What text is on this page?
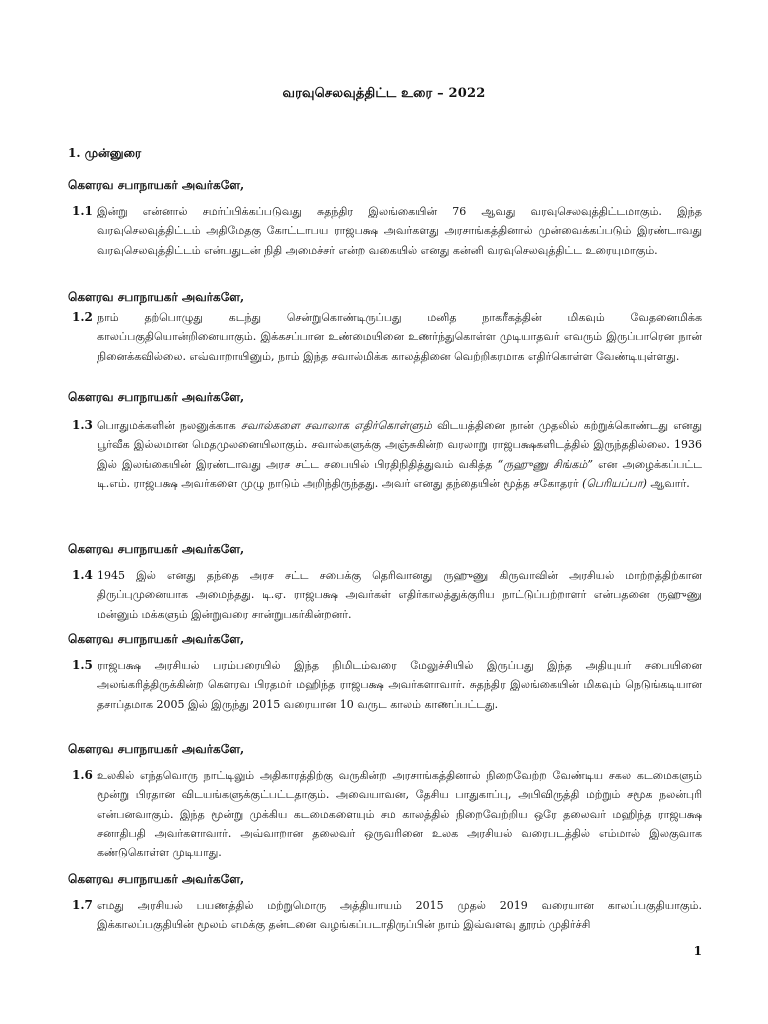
வரவுசெலவுத்திட்ட உரை – 2022
1. முன்னுரை
கௌரவ சபாநாயகர் அவர்களே,
1.1 இன்று என்னால் சமர்ப்பிக்கப்படுவது சுதந்திர இலங்கையின் 76 ஆவது வரவுசெலவுத்திட்டமாகும். இந்த வரவுசெலவுத்திட்டம் அதிமேதகு கோட்டாபய ராஜபக்ஷ அவர்களது அரசாங்கத்தினால் முன்வைக்கப்படும் இரண்டாவது வரவுசெலவுத்திட்டம் என்பதுடன் நிதி அமைச்சர் என்ற வகையில் எனது கன்னி வரவுசெலவுத்திட்ட உரையுமாகும்.
கௌரவ சபாநாயகர் அவர்களே,
1.2 நாம் தற்பொழுது கடந்து சென்றுகொண்டிருப்பது மனித நாகரீகத்தின் மிகவும் வேதனைமிக்க காலப்பகுதியொன்றினையாகும். இக்கசப்பான உண்மையினை உணர்ந்துகொள்ள முடியாதவர் எவரும் இருப்பாரென நான் நினைக்கவில்லை. எவ்வாறாயினும், நாம் இந்த சவால்மிக்க காலத்தினை வெற்றிகரமாக எதிர்கொள்ள வேண்டியுள்ளது.
கௌரவ சபாநாயகர் அவர்களே,
1.3 பொதுமக்களின் நலனுக்காக சவால்களை சவாலாக எதிர்கொள்ளும் விடயத்தினை நான் முதலில் கற்றுக்கொண்டது எனது பூர்வீக இல்லமான மெதமுலனையிலாகும். சவால்களுக்கு அஞ்சுகின்ற வரலாறு ராஜபக்ஷகளிடத்தில் இருந்ததில்லை. 1936 இல் இலங்கையின் இரண்டாவது அரச சட்ட சபையில் பிரதிநிதித்துவம் வகித்த “ருஹுணு சிங்கம்” என அழைக்கப்பட்ட டி.எம். ராஜபக்ஷ அவர்களை முழு நாடும் அறிந்திருந்தது. அவர் எனது தந்தையின் மூத்த சகோதரர் (பெரியப்பா) ஆவார்.
கௌரவ சபாநாயகர் அவர்களே,
1.4 1945 இல் எனது தந்தை அரச சட்ட சபைக்கு தெரிவானது ருஹுணு கிருவாவின் அரசியல் மாற்றத்திற்கான திருப்புமுனையாக அமைந்தது. டி.ஏ. ராஜபக்ஷ அவர்கள் எதிர்காலத்துக்குரிய நாட்டுப்பற்றாளர் என்பதனை ருஹுணு மன்னும் மக்களும் இன்றுவரை சான்றுபகர்கின்றனர்.
கௌரவ சபாநாயகர் அவர்களே,
1.5 ராஜபக்ஷ அரசியல் பரம்பரையில் இந்த நிமிடம்வரை மேலுச்சியில் இருப்பது இந்த அதியுயர் சபையினை அலங்கரித்திருக்கின்ற கௌரவ பிரதமர் மஹிந்த ராஜபக்ஷ அவர்களாவார். சுதந்திர இலங்கையின் மிகவும் நெடுங்கடியான தசாப்தமாக 2005 இல் இருந்து 2015 வரையான 10 வருட காலம் காணப்பட்டது.
கௌரவ சபாநாயகர் அவர்களே,
1.6 உலகில் எந்தவொரு நாட்டிலும் அதிகாரத்திற்கு வருகின்ற அரசாங்கத்தினால் நிறைவேற்ற வேண்டிய சகல கடமைகளும் மூன்று பிரதான விடயங்களுக்குட்பட்டதாகும். அவையாவன, தேசிய பாதுகாப்பு, அபிவிருத்தி மற்றும் சமூக நலன்புரி என்பனவாகும். இந்த மூன்று முக்கிய கடமைகளையும் சம காலத்தில் நிறைவேற்றிய ஒரே தலைவர் மஹிந்த ராஜபக்ஷ சனாதிபதி அவர்களாவார். அவ்வாறான தலைவர் ஒருவரினை உலக அரசியல் வரைபடத்தில் எம்மால் இலகுவாக கண்டுகொள்ள முடியாது.
கௌரவ சபாநாயகர் அவர்களே,
1.7 எமது அரசியல் பயணத்தில் மற்றுமொரு அத்தியாயம் 2015 முதல் 2019 வரையான காலப்பகுதியாகும். இக்காலப்பகுதியின் மூலம் எமக்கு தன்டனை வழங்கப்படாதிருப்பின் நாம் இவ்வளவு தூரம் முதிர்ச்சி
1
